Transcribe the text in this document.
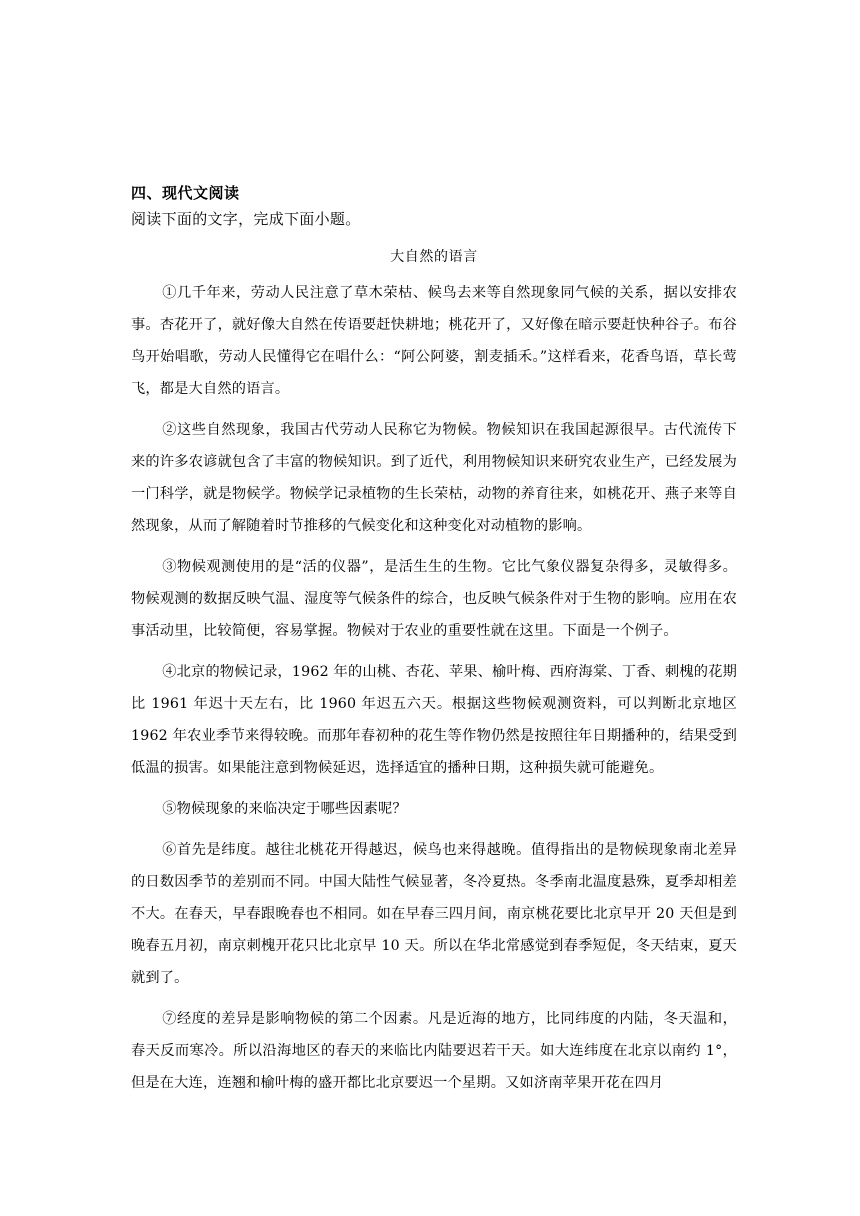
四、现代文阅读

阅读下面的文字，完成下面小题。

大自然的语言

①几千年来，劳动人民注意了草木荣枯、候鸟去来等自然现象同气候的关系，据以安排农事。杏花开了，就好像大自然在传语要赶快耕地；桃花开了，又好像在暗示要赶快种谷子。布谷鸟开始唱歌，劳动人民懂得它在唱什么：“阿公阿婆，割麦插禾。”这样看来，花香鸟语，草长莺飞，都是大自然的语言。

②这些自然现象，我国古代劳动人民称它为物候。物候知识在我国起源很早。古代流传下来的许多农谚就包含了丰富的物候知识。到了近代，利用物候知识来研究农业生产，已经发展为一门科学，就是物候学。物候学记录植物的生长荣枯，动物的养育往来，如桃花开、燕子来等自然现象，从而了解随着时节推移的气候变化和这种变化对动植物的影响。

③物候观测使用的是“活的仪器”，是活生生的生物。它比气象仪器复杂得多，灵敏得多。物候观测的数据反映气温、湿度等气候条件的综合，也反映气候条件对于生物的影响。应用在农事活动里，比较简便，容易掌握。物候对于农业的重要性就在这里。下面是一个例子。

④北京的物候记录，1962 年的山桃、杏花、苹果、榆叶梅、西府海棠、丁香、刺槐的花期比 1961 年迟十天左右，比 1960 年迟五六天。根据这些物候观测资料，可以判断北京地区 1962 年农业季节来得较晚。而那年春初种的花生等作物仍然是按照往年日期播种的，结果受到低温的损害。如果能注意到物候延迟，选择适宜的播种日期，这种损失就可能避免。

⑤物候现象的来临决定于哪些因素呢？

⑥首先是纬度。越往北桃花开得越迟，候鸟也来得越晚。值得指出的是物候现象南北差异的日数因季节的差别而不同。中国大陆性气候显著，冬冷夏热。冬季南北温度悬殊，夏季却相差不大。在春天，早春跟晚春也不相同。如在早春三四月间，南京桃花要比北京早开 20 天但是到晚春五月初，南京刺槐开花只比北京早 10 天。所以在华北常感觉到春季短促，冬天结束，夏天就到了。

⑦经度的差异是影响物候的第二个因素。凡是近海的地方，比同纬度的内陆，冬天温和，春天反而寒冷。所以沿海地区的春天的来临比内陆要迟若干天。如大连纬度在北京以南约 1°，但是在大连，连翘和榆叶梅的盛开都比北京要迟一个星期。又如济南苹果开花在四月
